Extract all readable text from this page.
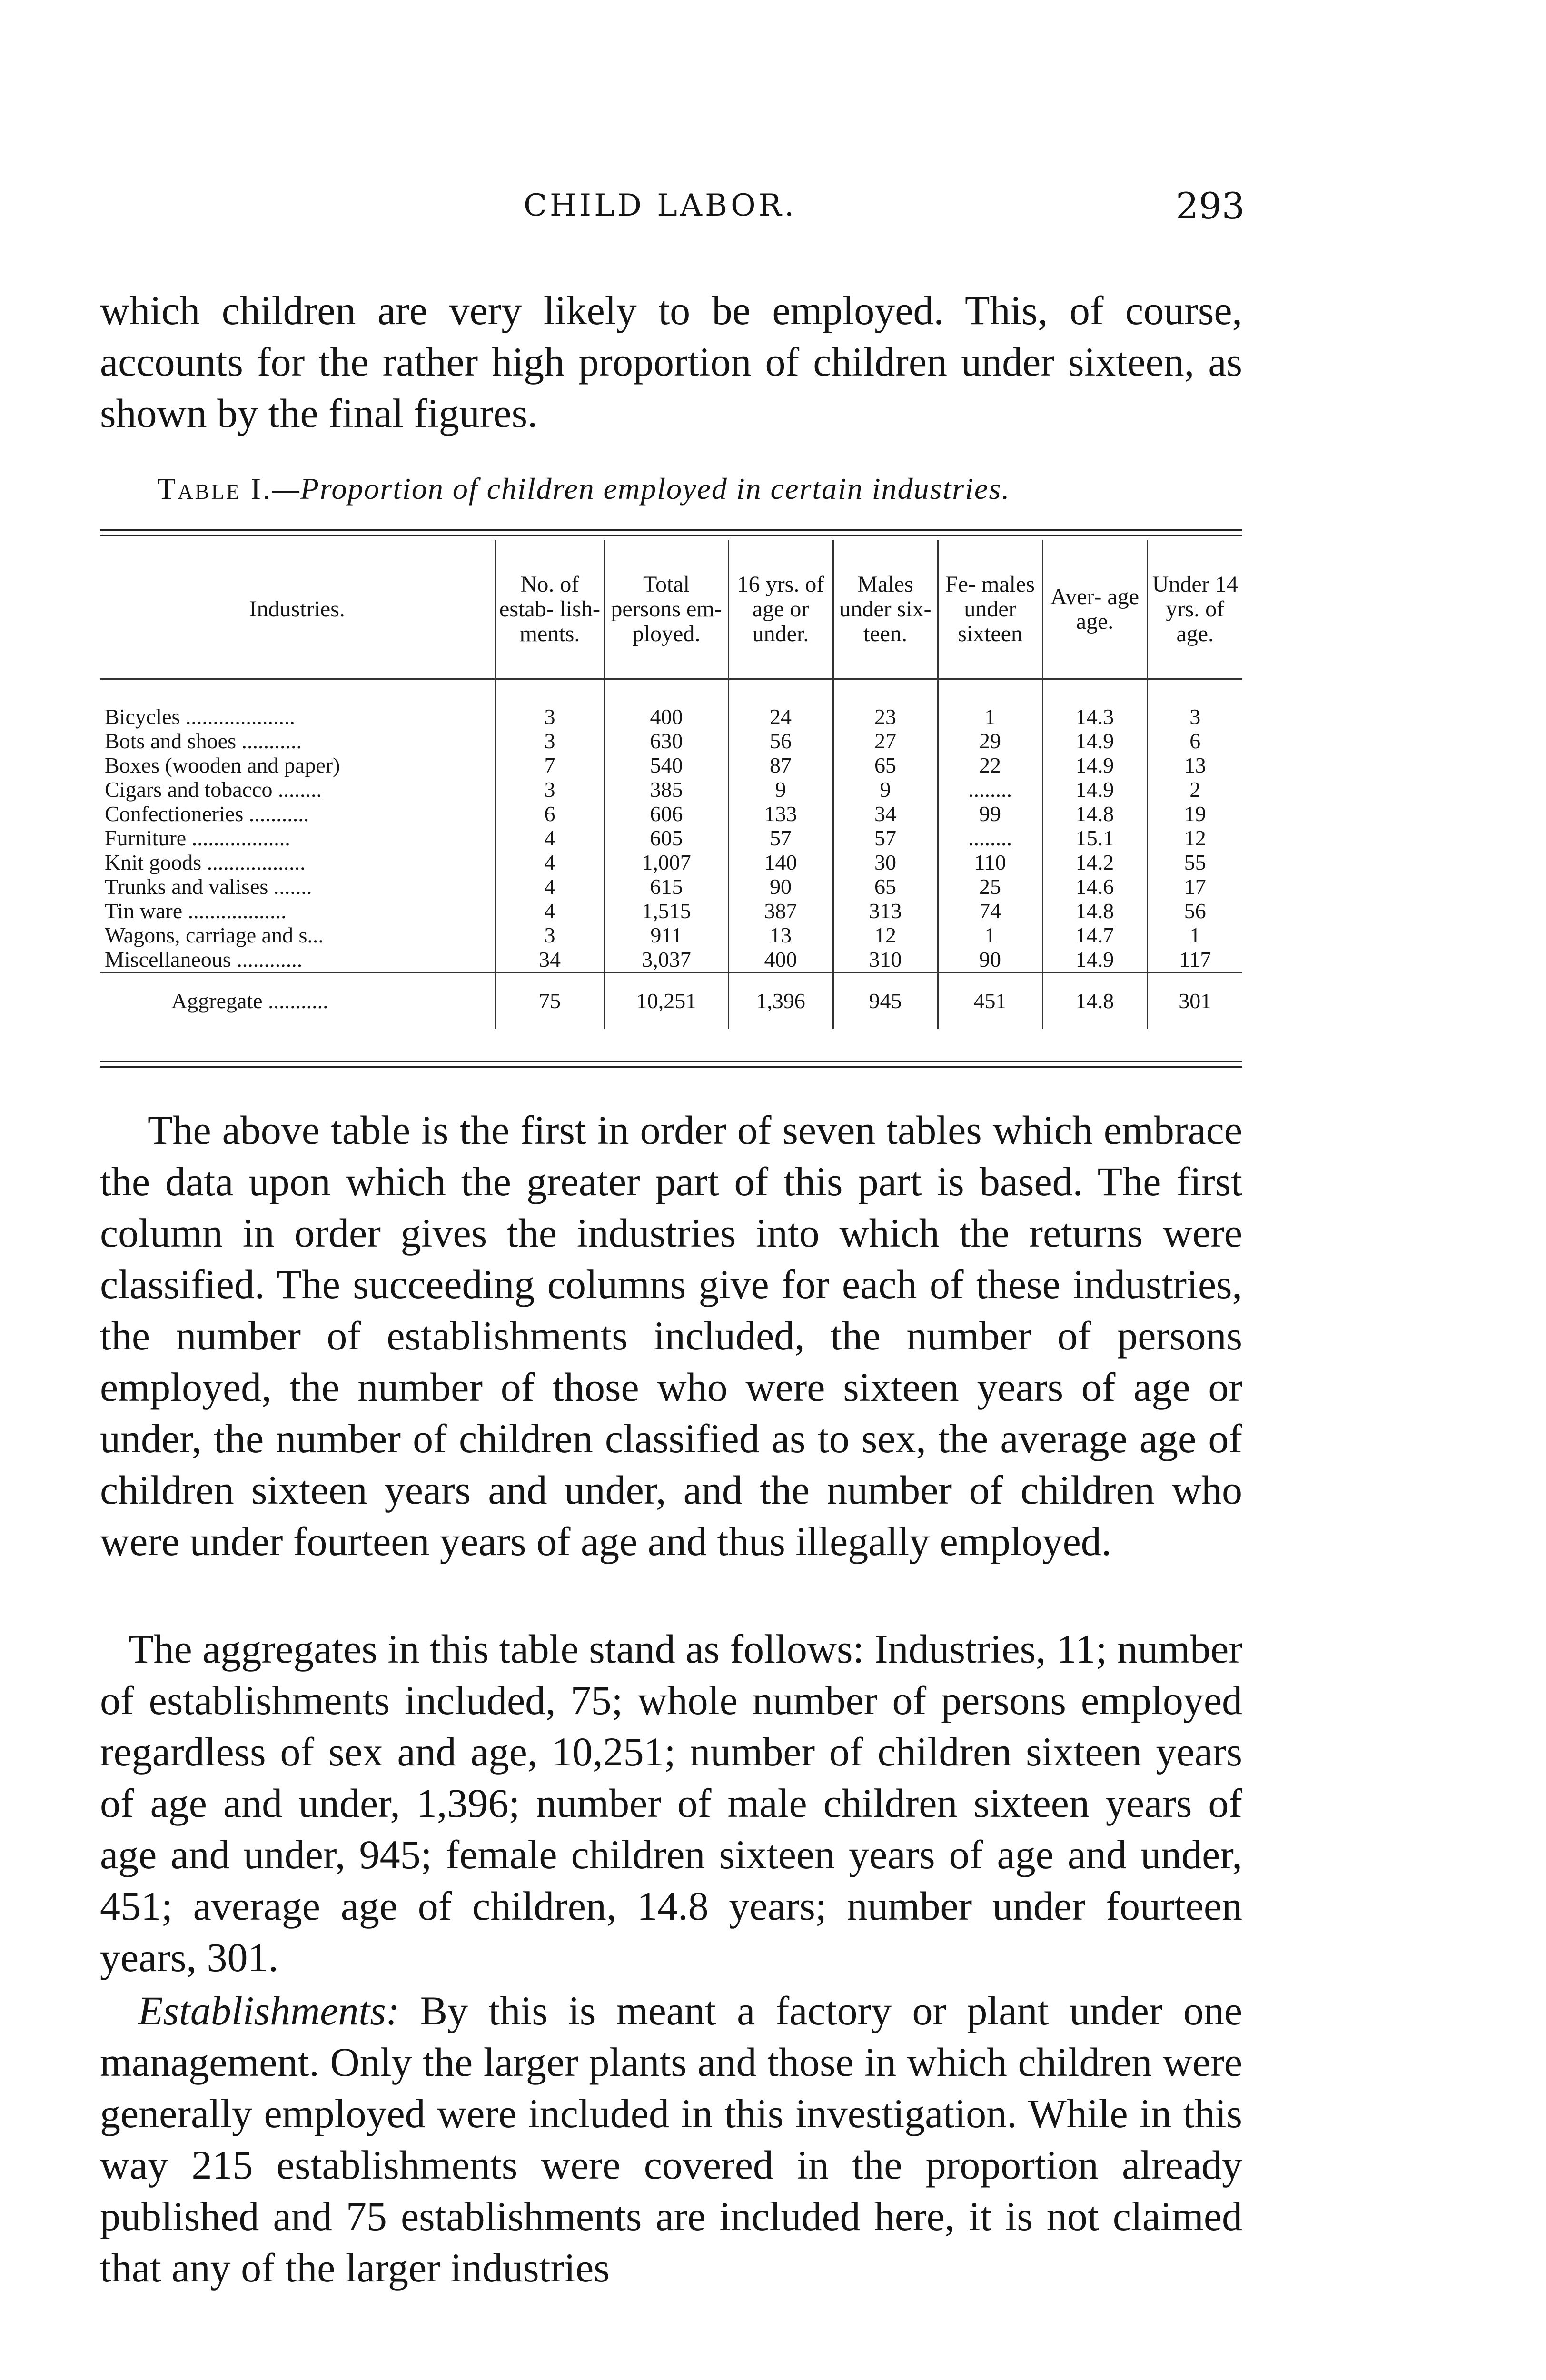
CHILD LABOR.	293

which children are very likely to be employed. This, of course, accounts for the rather high proportion of children under sixteen, as shown by the final figures.

Table I.—Proportion of children employed in certain industries.
Industries.	No. of estab- lish- ments.	Total persons em- ployed.	16 yrs. of age or under.	Males under six- teen.	Fe- males under sixteen	Aver- age age.	Under 14 yrs. of age.
Bicycles ....................	3	400	24	23	1	14.3	3
Bots and shoes ...........	3	630	56	27	29	14.9	6
Boxes (wooden and paper)	7	540	87	65	22	14.9	13
Cigars and tobacco ........	3	385	9	9	........	14.9	2
Confectioneries ...........	6	606	133	34	99	14.8	19
Furniture ..................	4	605	57	57	........	15.1	12
Knit goods ..................	4	1,007	140	30	110	14.2	55
Trunks and valises .......	4	615	90	65	25	14.6	17
Tin ware ..................	4	1,515	387	313	74	14.8	56
Wagons, carriage and s...	3	911	13	12	1	14.7	1
Miscellaneous ............	34	3,037	400	310	90	14.9	117
Aggregate ...........	75	10,251	1,396	945	451	14.8	301

The above table is the first in order of seven tables which embrace the data upon which the greater part of this part is based. The first column in order gives the industries into which the returns were classified. The succeeding columns give for each of these industries, the number of establishments included, the number of persons employed, the number of those who were sixteen years of age or under, the number of children classified as to sex, the average age of children sixteen years and under, and the number of children who were under fourteen years of age and thus illegally employed.

The aggregates in this table stand as follows: Industries, 11; number of establishments included, 75; whole number of persons employed regardless of sex and age, 10,251; number of children sixteen years of age and under, 1,396; number of male children sixteen years of age and under, 945; female children sixteen years of age and under, 451; average age of children, 14.8 years; number under fourteen years, 301.

Establishments: By this is meant a factory or plant under one management. Only the larger plants and those in which children were generally employed were included in this investigation. While in this way 215 establishments were covered in the proportion already published and 75 establishments are included here, it is not claimed that any of the larger industries
